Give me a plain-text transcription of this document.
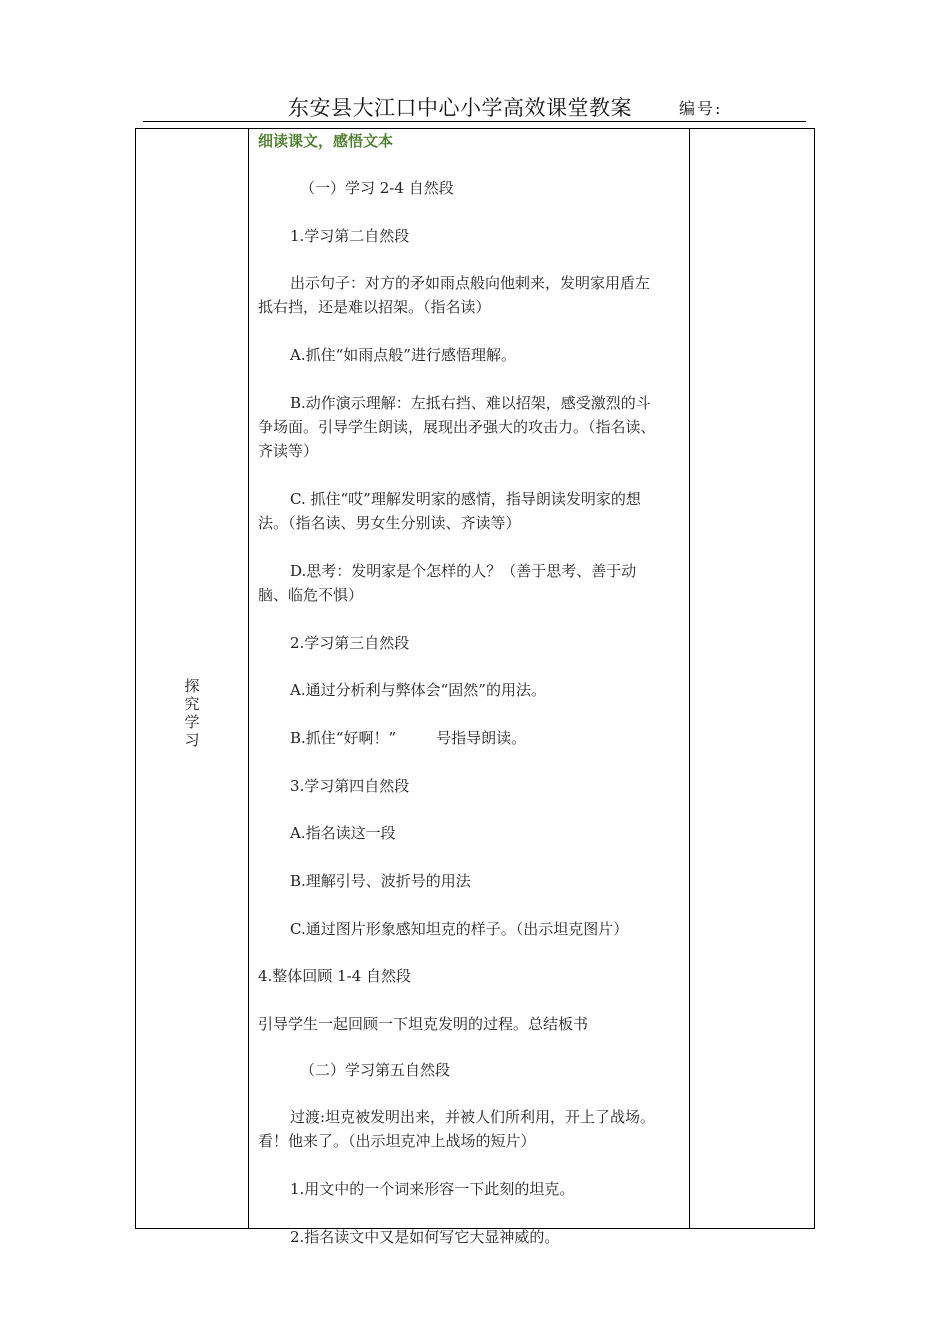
东安县大江口中心小学高效课堂教案	编号:
探究学习
细读课文，感悟文本
（一）学习 2-4 自然段
1.学习第二自然段
出示句子：对方的矛如雨点般向他刺来，发明家用盾左
抵右挡，还是难以招架。（指名读）
A.抓住“如雨点般”进行感悟理解。
B.动作演示理解：左抵右挡、难以招架，感受激烈的斗
争场面。引导学生朗读，展现出矛强大的攻击力。（指名读、
齐读等）
C. 抓住“哎”理解发明家的感情，指导朗读发明家的想
法。（指名读、男女生分别读、齐读等）
D.思考：发明家是个怎样的人？（善于思考、善于动
脑、临危不惧）
2.学习第三自然段
A.通过分析利与弊体会“固然”的用法。
B.抓住“好啊！”	号指导朗读。
3.学习第四自然段
A.指名读这一段
B.理解引号、波折号的用法
C.通过图片形象感知坦克的样子。（出示坦克图片）
4.整体回顾 1-4 自然段
引导学生一起回顾一下坦克发明的过程。总结板书
（二）学习第五自然段
过渡:坦克被发明出来，并被人们所利用，开上了战场。
看！他来了。（出示坦克冲上战场的短片）
1.用文中的一个词来形容一下此刻的坦克。
2.指名读文中又是如何写它大显神威的。
